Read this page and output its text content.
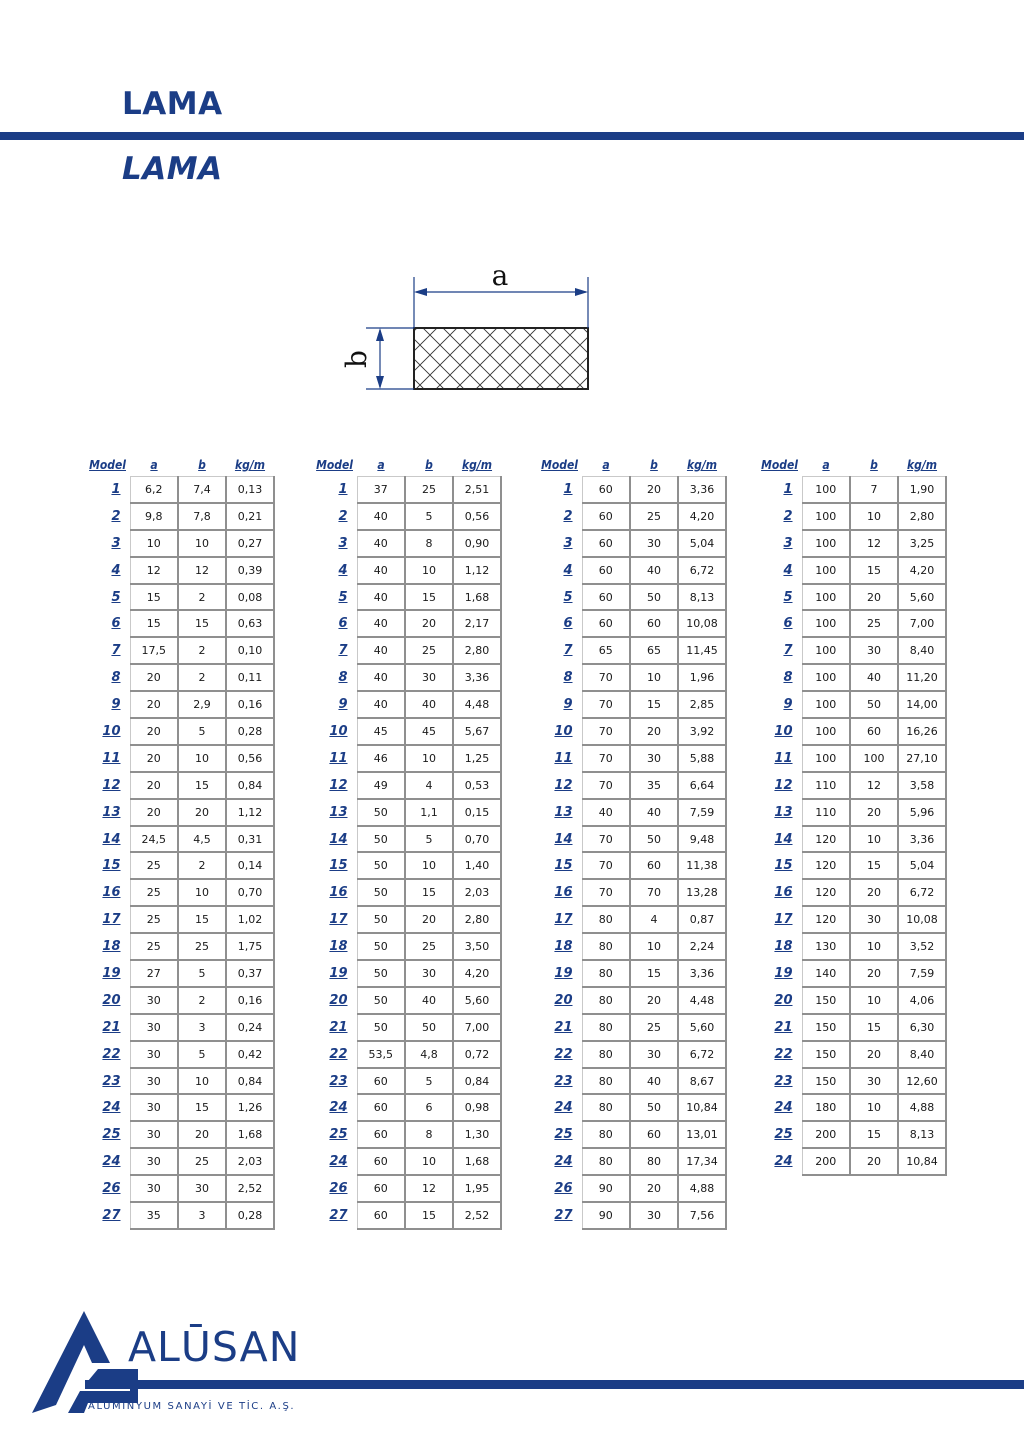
LAMA
LAMA
a
b
Model	a	b	kg/m
1	6,2	7,4	0,13
2	9,8	7,8	0,21
3	10	10	0,27
4	12	12	0,39
5	15	2	0,08
6	15	15	0,63
7	17,5	2	0,10
8	20	2	0,11
9	20	2,9	0,16
10	20	5	0,28
11	20	10	0,56
12	20	15	0,84
13	20	20	1,12
14	24,5	4,5	0,31
15	25	2	0,14
16	25	10	0,70
17	25	15	1,02
18	25	25	1,75
19	27	5	0,37
20	30	2	0,16
21	30	3	0,24
22	30	5	0,42
23	30	10	0,84
24	30	15	1,26
25	30	20	1,68
24	30	25	2,03
26	30	30	2,52
27	35	3	0,28
Model	a	b	kg/m
1	37	25	2,51
2	40	5	0,56
3	40	8	0,90
4	40	10	1,12
5	40	15	1,68
6	40	20	2,17
7	40	25	2,80
8	40	30	3,36
9	40	40	4,48
10	45	45	5,67
11	46	10	1,25
12	49	4	0,53
13	50	1,1	0,15
14	50	5	0,70
15	50	10	1,40
16	50	15	2,03
17	50	20	2,80
18	50	25	3,50
19	50	30	4,20
20	50	40	5,60
21	50	50	7,00
22	53,5	4,8	0,72
23	60	5	0,84
24	60	6	0,98
25	60	8	1,30
24	60	10	1,68
26	60	12	1,95
27	60	15	2,52
Model	a	b	kg/m
1	60	20	3,36
2	60	25	4,20
3	60	30	5,04
4	60	40	6,72
5	60	50	8,13
6	60	60	10,08
7	65	65	11,45
8	70	10	1,96
9	70	15	2,85
10	70	20	3,92
11	70	30	5,88
12	70	35	6,64
13	40	40	7,59
14	70	50	9,48
15	70	60	11,38
16	70	70	13,28
17	80	4	0,87
18	80	10	2,24
19	80	15	3,36
20	80	20	4,48
21	80	25	5,60
22	80	30	6,72
23	80	40	8,67
24	80	50	10,84
25	80	60	13,01
24	80	80	17,34
26	90	20	4,88
27	90	30	7,56
Model	a	b	kg/m
1	100	7	1,90
2	100	10	2,80
3	100	12	3,25
4	100	15	4,20
5	100	20	5,60
6	100	25	7,00
7	100	30	8,40
8	100	40	11,20
9	100	50	14,00
10	100	60	16,26
11	100	100	27,10
12	110	12	3,58
13	110	20	5,96
14	120	10	3,36
15	120	15	5,04
16	120	20	6,72
17	120	30	10,08
18	130	10	3,52
19	140	20	7,59
20	150	10	4,06
21	150	15	6,30
22	150	20	8,40
23	150	30	12,60
24	180	10	4,88
25	200	15	8,13
24	200	20	10,84
ALŪSAN
ALÜMİNYUM SANAYİ VE TİC. A.Ş.
